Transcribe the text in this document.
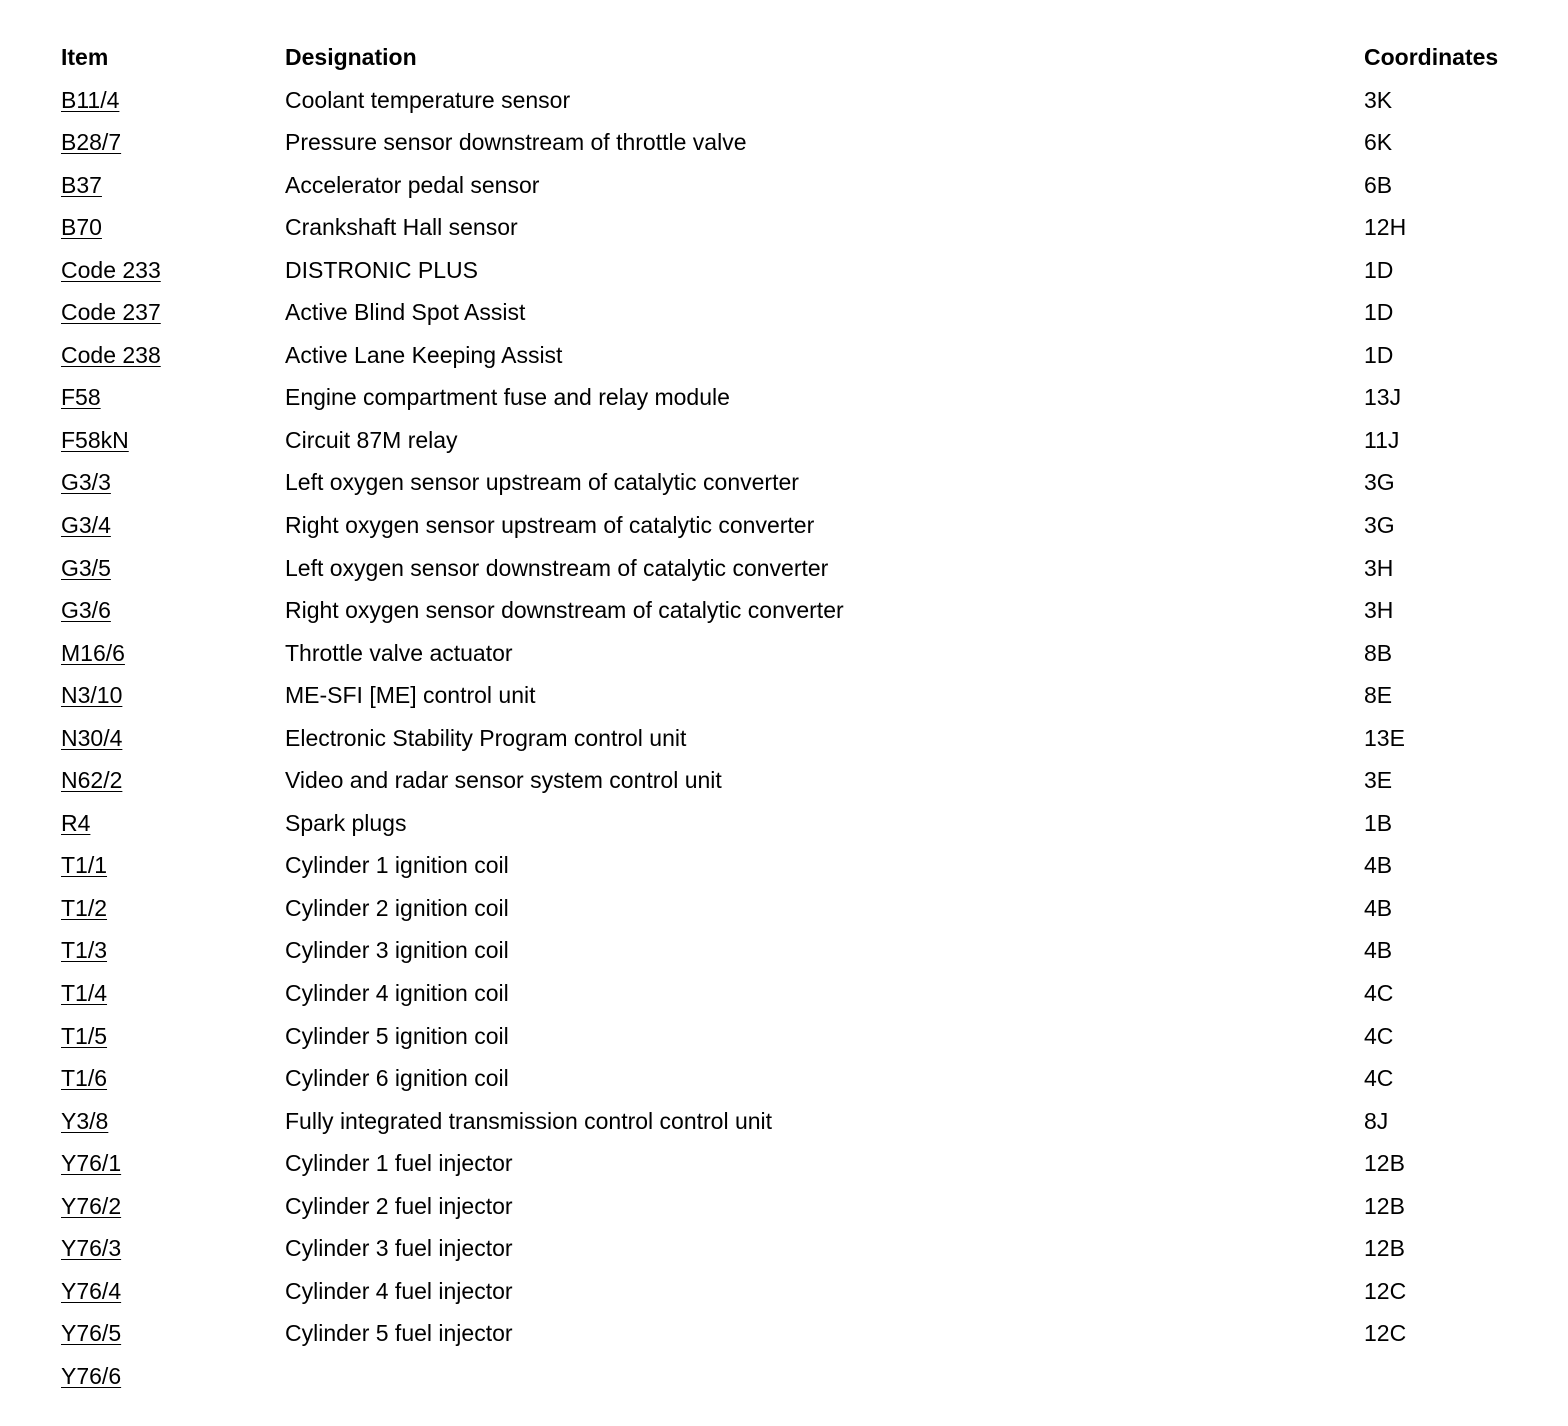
Item	Designation	Coordinates
B11/4	Coolant temperature sensor	3K
B28/7	Pressure sensor downstream of throttle valve	6K
B37	Accelerator pedal sensor	6B
B70	Crankshaft Hall sensor	12H
Code 233	DISTRONIC PLUS	1D
Code 237	Active Blind Spot Assist	1D
Code 238	Active Lane Keeping Assist	1D
F58	Engine compartment fuse and relay module	13J
F58kN	Circuit 87M relay	11J
G3/3	Left oxygen sensor upstream of catalytic converter	3G
G3/4	Right oxygen sensor upstream of catalytic converter	3G
G3/5	Left oxygen sensor downstream of catalytic converter	3H
G3/6	Right oxygen sensor downstream of catalytic converter	3H
M16/6	Throttle valve actuator	8B
N3/10	ME-SFI [ME] control unit	8E
N30/4	Electronic Stability Program control unit	13E
N62/2	Video and radar sensor system control unit	3E
R4	Spark plugs	1B
T1/1	Cylinder 1 ignition coil	4B
T1/2	Cylinder 2 ignition coil	4B
T1/3	Cylinder 3 ignition coil	4B
T1/4	Cylinder 4 ignition coil	4C
T1/5	Cylinder 5 ignition coil	4C
T1/6	Cylinder 6 ignition coil	4C
Y3/8	Fully integrated transmission control control unit	8J
Y76/1	Cylinder 1 fuel injector	12B
Y76/2	Cylinder 2 fuel injector	12B
Y76/3	Cylinder 3 fuel injector	12B
Y76/4	Cylinder 4 fuel injector	12C
Y76/5	Cylinder 5 fuel injector	12C
Y76/6
